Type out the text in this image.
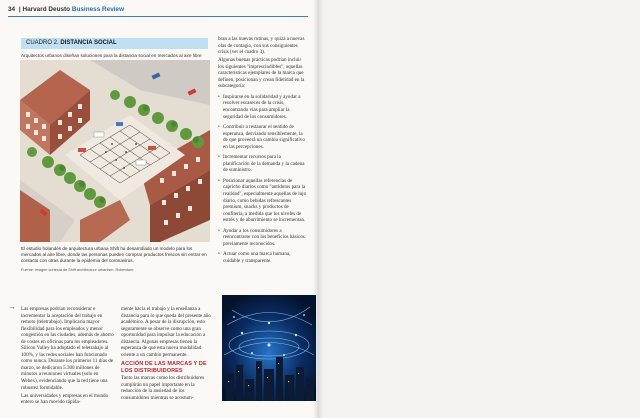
34 | Harvard Deusto Business Review
CUADRO 2. DISTANCIA SOCIAL
Arquitectos urbanos diseñan soluciones para la distancia social en mercados al aire libre
El estudio holandés de arquitectura urbana Shift ha desarrollado un modelo para los mercados al aire libre, donde las personas pueden comprar productos frescos sin entrar en contacto con otras durante la epidemia del coronavirus.
Fuente: imagen cortesía de Shift architecture urbanism, Rotterdam.
→ Las empresas podrían reconsiderar e incrementar la aceptación del trabajo en remoto (teletrabajo). Implicaría mayor flexibilidad para los empleados y menor congestión en las ciudades, además de ahorro de costes en oficinas para los empleadores. Silicon Valley ha adoptado el teletrabajo al 100%, y las redes sociales han funcionado como nunca. Durante los primeros 11 días de marzo, se dedicaron 5.300 millones de minutos a reuniones virtuales (solo en Webex), evidenciando que la red tiene una robustez formidable.

Las universidades y empresas en el mundo entero se han movido rápida-

mente hacia el trabajo y la enseñanza a distancia para lo que queda del presente año académico. A pesar de la disrupción, esto seguramente se observe como una gran oportunidad para impulsar la educación a distancia. Algunas empresas tienen la esperanza de que esta nueva modalidad oriente a un cambio permanente.

ACCIÓN DE LAS MARCAS Y DE LOS DISTRIBUIDORES

Tanto las marcas como los distribuidores cumplirán un papel importante en la reducción de la ansiedad de los consumidores mientras se acostum-

bran a las nuevas rutinas, y quizá a nuevas olas de contagio, con sus consiguientes crisis (ver el cuadro 3).

Algunas buenas prácticas podrían incluir los siguientes "imprescindibles", aquellas características ejemplares de la marca que definen, posicionan y crean fidelidad en la subcategoría:

• Inspirarse en la solidaridad y ayudar a resolver escaseces de la crisis, encontrando vías para ampliar la seguridad de los consumidores.
• Contribuir a restaurar el sentido de esperanza, desviando sensiblemente, la de que proveerá un cambio significativo en las percepciones.
• Incrementar recursos para la planificación de la demanda y la cadena de suministro.
• Posicionar aquellas referencias de capricho diarios como "antídotos para la realidad", especialmente aquellas de lujo diario, como bebidas refrescantes premium, snacks y productos de confitería, a medida que los niveles de estrés y de aburrimiento se incrementan.
• Ayudar a los consumidores a reencontrarse con los beneficios básicos previamente reconocidos.
• Actuar como una marca humana, cuidable y transparente.
